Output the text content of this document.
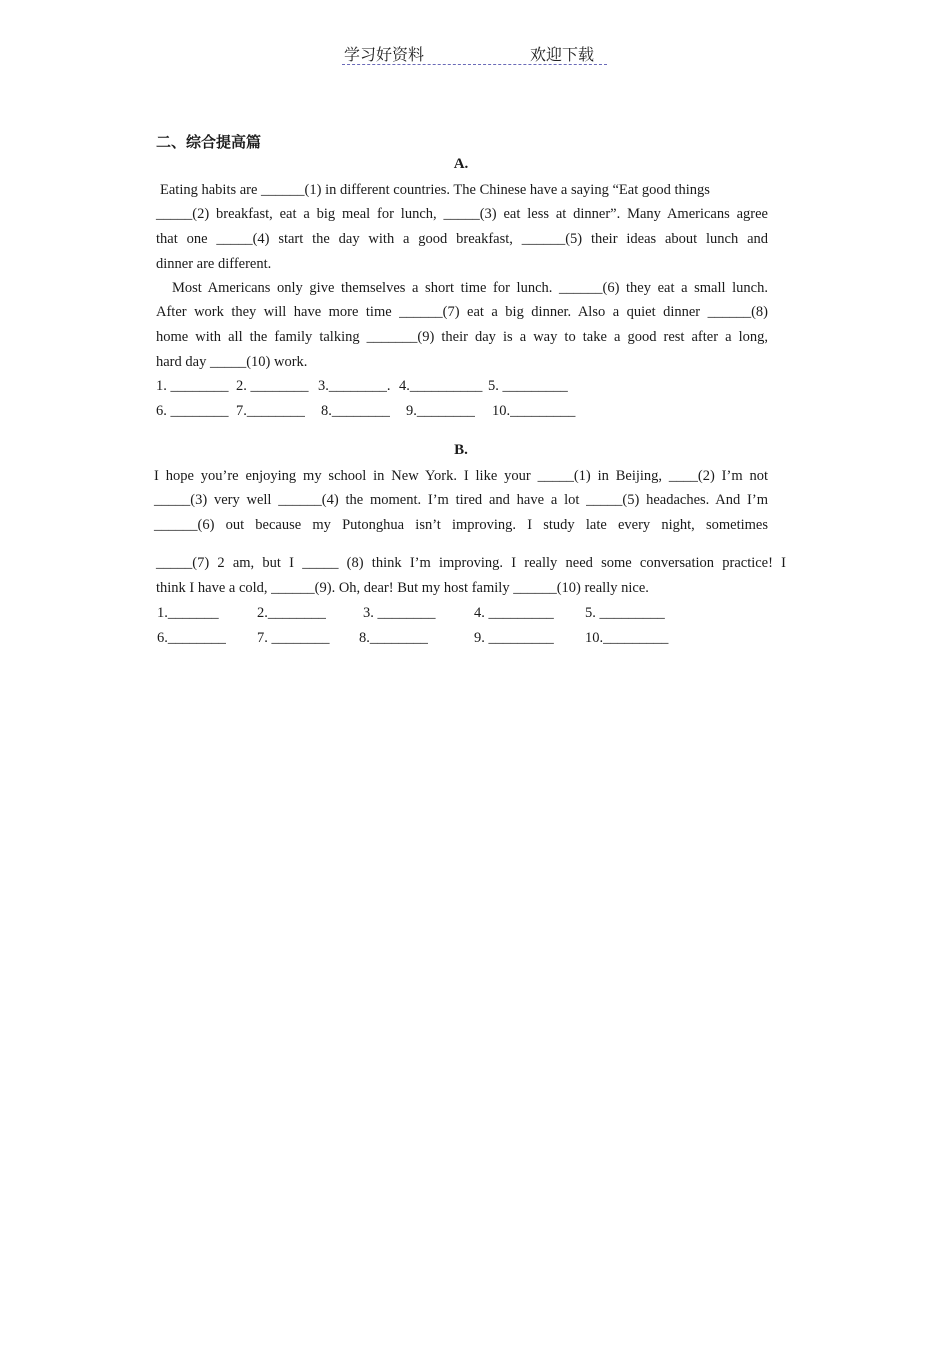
学习好资料	欢迎下载
二、综合提高篇
A.
Eating habits are ______(1) in different countries. The Chinese have a saying “Eat good things
_____(2) breakfast, eat a big meal for lunch, _____(3) eat less at dinner”. Many Americans agree
that one _____(4) start the day with a good breakfast, ______(5) their ideas about lunch and
dinner are different.
Most Americans only give themselves a short time for lunch. ______(6) they eat a small lunch.
After work they will have more time ______(7) eat a big dinner. Also a quiet dinner ______(8)
home with all the family talking _______(9) their day is a way to take a good rest after a long,
hard day _____(10) work.
1. ________ 2. ________ 3.________. 4.__________ 5. _________
6. ________ 7.________ 8.________ 9.________ 10._________
B.
I hope you’re enjoying my school in New York. I like your _____(1) in Beijing, ____(2) I’m not
_____(3) very well ______(4) the moment. I’m tired and have a lot _____(5) headaches. And I’m
______(6) out because my Putonghua isn’t improving. I study late every night, sometimes
_____(7) 2 am, but I _____ (8) think I’m improving. I really need some conversation practice! I
think I have a cold, ______(9). Oh, dear! But my host family ______(10) really nice.
1._______	2.________	3. ________	4. _________ 5. _________
6.________ 7. ________ 8.________	9. _________ 10._________
